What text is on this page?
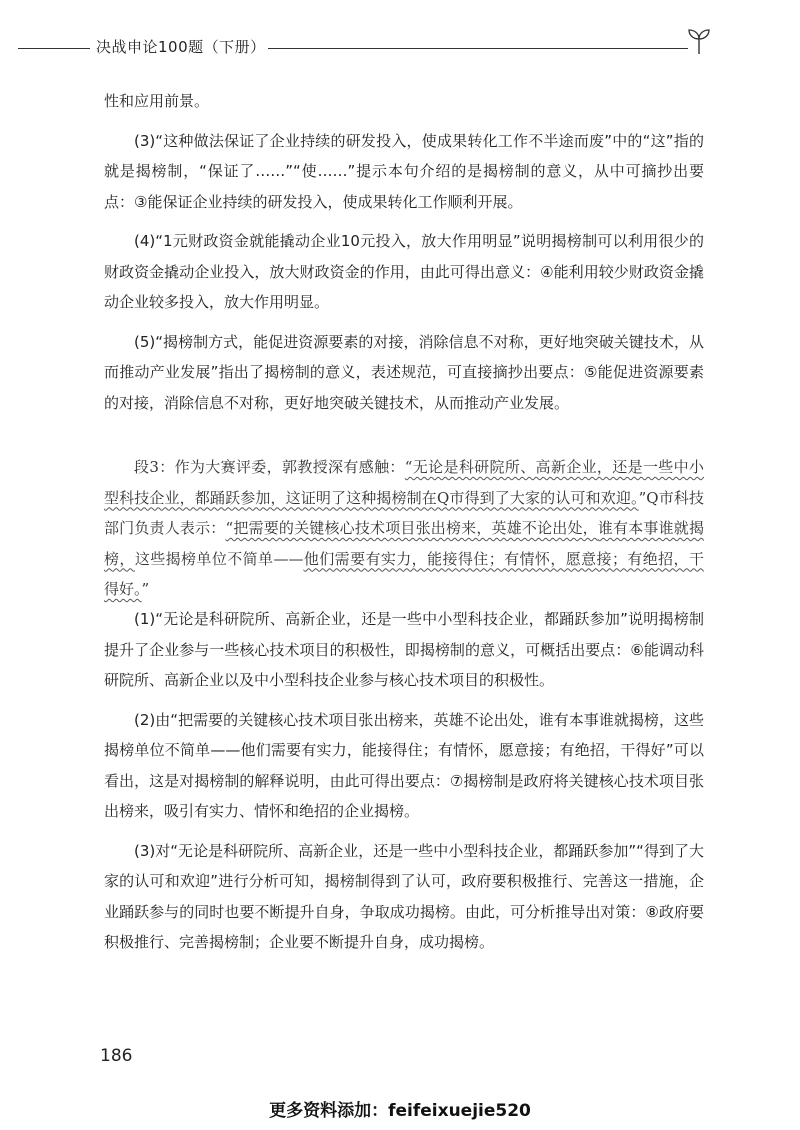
决战申论100题（下册）

性和应用前景。

(3)“这种做法保证了企业持续的研发投入，使成果转化工作不半途而废”中的“这”指的就是揭榜制，“保证了……”“使……”提示本句介绍的是揭榜制的意义，从中可摘抄出要点：③能保证企业持续的研发投入，使成果转化工作顺利开展。

(4)“1元财政资金就能撬动企业10元投入，放大作用明显”说明揭榜制可以利用很少的财政资金撬动企业投入，放大财政资金的作用，由此可得出意义：④能利用较少财政资金撬动企业较多投入，放大作用明显。

(5)“揭榜制方式，能促进资源要素的对接，消除信息不对称，更好地突破关键技术，从而推动产业发展”指出了揭榜制的意义，表述规范，可直接摘抄出要点：⑤能促进资源要素的对接，消除信息不对称，更好地突破关键技术，从而推动产业发展。

段3：作为大赛评委，郭教授深有感触：“无论是科研院所、高新企业，还是一些中小型科技企业，都踊跃参加，这证明了这种揭榜制在Q市得到了大家的认可和欢迎。”Q市科技部门负责人表示：“把需要的关键核心技术项目张出榜来，英雄不论出处，谁有本事谁就揭榜，这些揭榜单位不简单——他们需要有实力，能接得住；有情怀，愿意接；有绝招，干得好。”

(1)“无论是科研院所、高新企业，还是一些中小型科技企业，都踊跃参加”说明揭榜制提升了企业参与一些核心技术项目的积极性，即揭榜制的意义，可概括出要点：⑥能调动科研院所、高新企业以及中小型科技企业参与核心技术项目的积极性。

(2)由“把需要的关键核心技术项目张出榜来，英雄不论出处，谁有本事谁就揭榜，这些揭榜单位不简单——他们需要有实力，能接得住；有情怀，愿意接；有绝招，干得好”可以看出，这是对揭榜制的解释说明，由此可得出要点：⑦揭榜制是政府将关键核心技术项目张出榜来，吸引有实力、情怀和绝招的企业揭榜。

(3)对“无论是科研院所、高新企业，还是一些中小型科技企业，都踊跃参加”“得到了大家的认可和欢迎”进行分析可知，揭榜制得到了认可，政府要积极推行、完善这一措施，企业踊跃参与的同时也要不断提升自身，争取成功揭榜。由此，可分析推导出对策：⑧政府要积极推行、完善揭榜制；企业要不断提升自身，成功揭榜。

186
更多资料添加：feifeixuejie520
